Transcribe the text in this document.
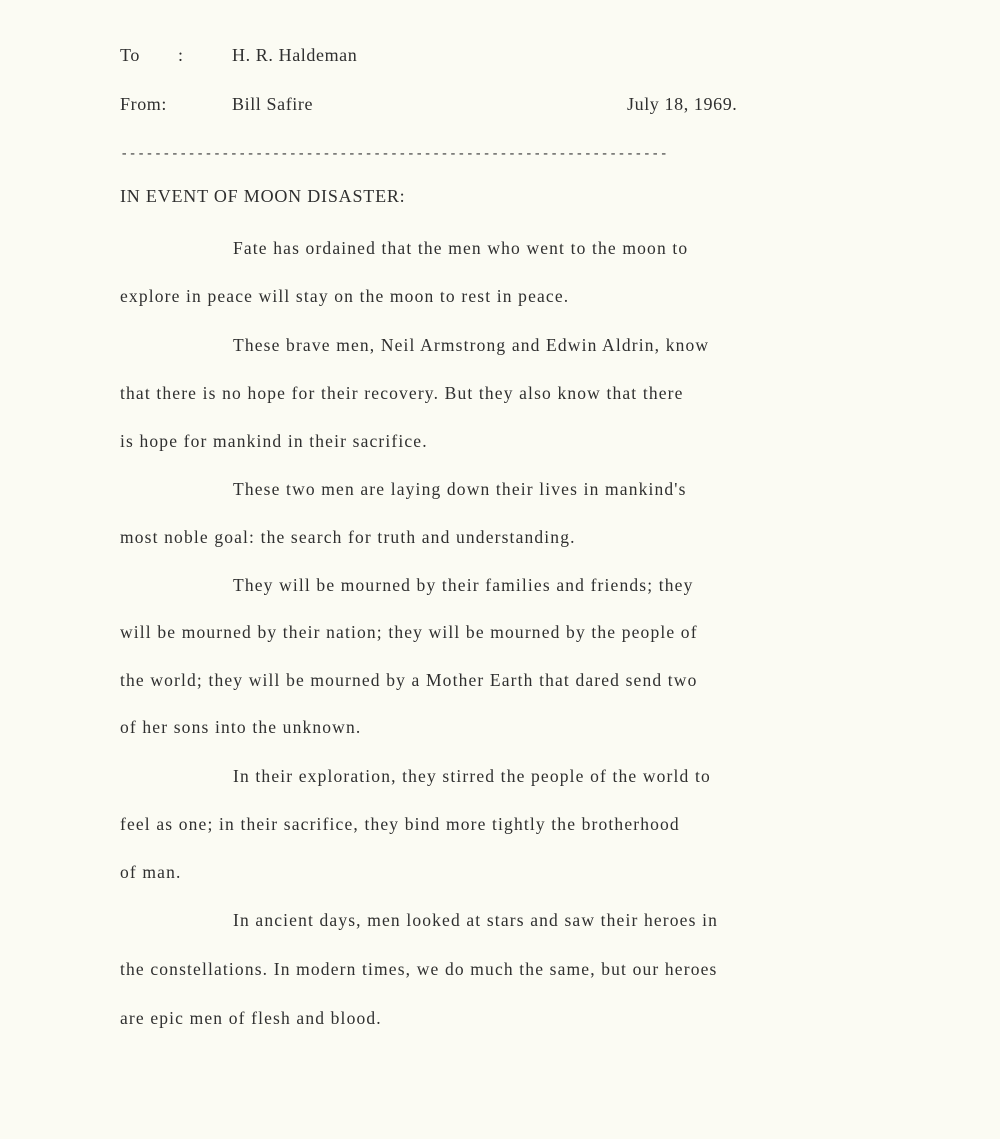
To :	H. R. Haldeman
From:	Bill Safire	July 18, 1969.
-----------------------------------------------------------------
IN EVENT OF MOON DISASTER:
Fate has ordained that the men who went to the moon to
explore in peace will stay on the moon to rest in peace.
These brave men, Neil Armstrong and Edwin Aldrin, know
that there is no hope for their recovery. But they also know that there
is hope for mankind in their sacrifice.
These two men are laying down their lives in mankind's
most noble goal: the search for truth and understanding.
They will be mourned by their families and friends; they
will be mourned by their nation; they will be mourned by the people of
the world; they will be mourned by a Mother Earth that dared send two
of her sons into the unknown.
In their exploration, they stirred the people of the world to
feel as one; in their sacrifice, they bind more tightly the brotherhood
of man.
In ancient days, men looked at stars and saw their heroes in
the constellations. In modern times, we do much the same, but our heroes
are epic men of flesh and blood.
